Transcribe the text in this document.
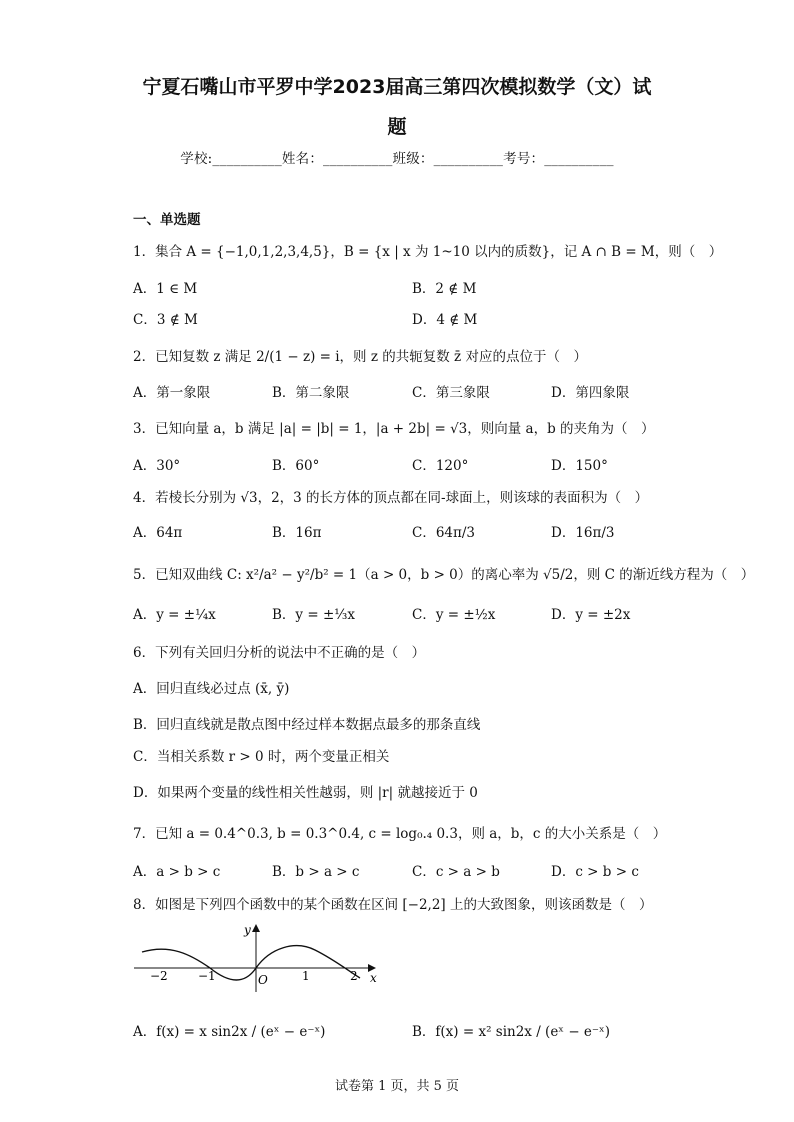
宁夏石嘴山市平罗中学2023届高三第四次模拟数学（文）试
题
学校:__________姓名：__________班级：__________考号：__________
一、单选题
1．集合 A = {−1,0,1,2,3,4,5}，B = {x | x 为 1~10 以内的质数}，记 A ∩ B = M，则（　）
A．1 ∈ M	B．2 ∉ M
C．3 ∉ M	D．4 ∉ M
2．已知复数 z 满足 2/(1 − z) = i，则 z 的共轭复数 z̄ 对应的点位于（　）
A．第一象限	B．第二象限	C．第三象限	D．第四象限
3．已知向量 a，b 满足 |a| = |b| = 1，|a + 2b| = √3，则向量 a，b 的夹角为（　）
A．30°	B．60°	C．120°	D．150°
4．若棱长分别为 √3，2，3 的长方体的顶点都在同-球面上，则该球的表面积为（　）
A．64π	B．16π	C．64π/3	D．16π/3
5．已知双曲线 C: x²/a² − y²/b² = 1（a > 0，b > 0）的离心率为 √5/2，则 C 的渐近线方程为（　）
A．y = ±¼x	B．y = ±⅓x	C．y = ±½x	D．y = ±2x
6．下列有关回归分析的说法中不正确的是（　）
A．回归直线必过点 (x̄, ȳ)
B．回归直线就是散点图中经过样本数据点最多的那条直线
C．当相关系数 r > 0 时，两个变量正相关
D．如果两个变量的线性相关性越弱，则 |r| 就越接近于 0
7．已知 a = 0.4^0.3, b = 0.3^0.4, c = log₀.₄ 0.3，则 a，b，c 的大小关系是（　）
A．a > b > c	B．b > a > c	C．c > a > b	D．c > b > c
8．如图是下列四个函数中的某个函数在区间 [−2,2] 上的大致图象，则该函数是（　）
−2	−1	1	2
O	x
y
A．f(x) = x sin2x / (eˣ − e⁻ˣ)	B．f(x) = x² sin2x / (eˣ − e⁻ˣ)
试卷第 1 页，共 5 页
